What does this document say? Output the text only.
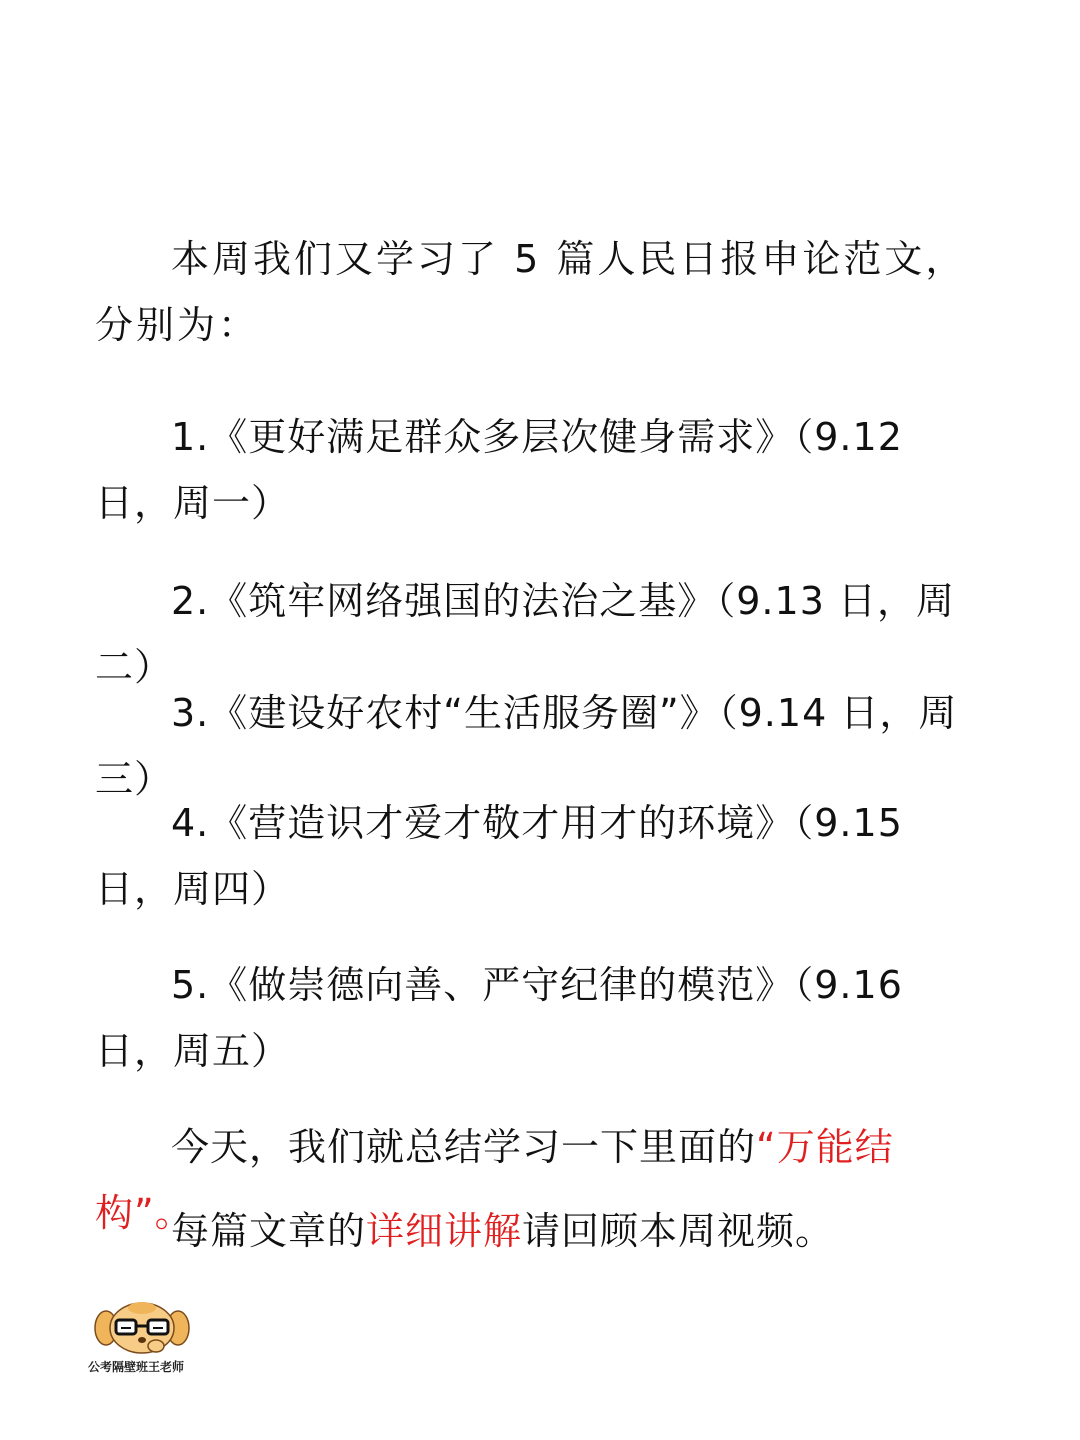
本周我们又学习了 5 篇人民日报申论范文，分别为：

1.《更好满足群众多层次健身需求》（9.12 日，周一）

2.《筑牢网络强国的法治之基》（9.13 日，周二）

3.《建设好农村“生活服务圈”》（9.14 日，周三）

4.《营造识才爱才敬才用才的环境》（9.15 日，周四）

5.《做崇德向善、严守纪律的模范》（9.16 日，周五）

今天，我们就总结学习一下里面的“万能结构”。

每篇文章的详细讲解请回顾本周视频。

公考隔壁班王老师
